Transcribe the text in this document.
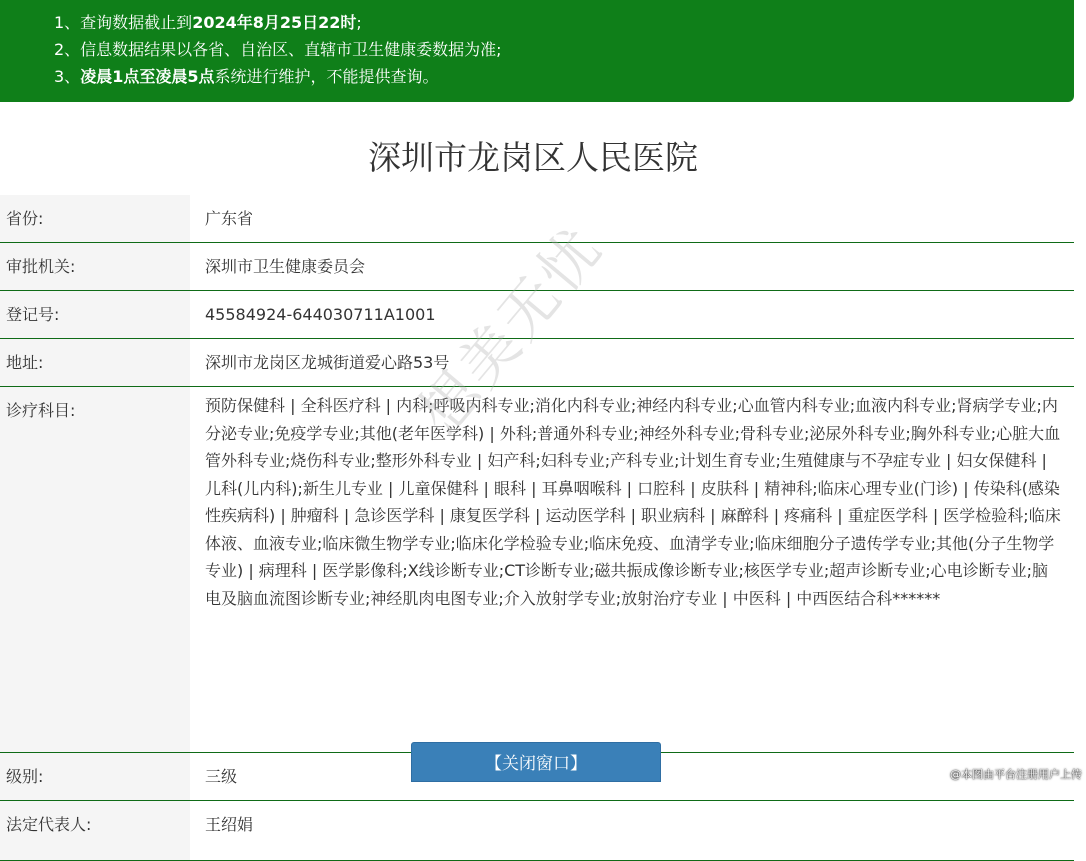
1、查询数据截止到2024年8月25日22时;
2、信息数据结果以各省、自治区、直辖市卫生健康委数据为准;
3、凌晨1点至凌晨5点系统进行维护，不能提供查询。
深圳市龙岗区人民医院
省份:	广东省
审批机关:	深圳市卫生健康委员会
登记号:	45584924-644030711A1001
地址:	深圳市龙岗区龙城街道爱心路53号
诊疗科目:	预防保健科 | 全科医疗科 | 内科;呼吸内科专业;消化内科专业;神经内科专业;心血管内科专业;血液内科专业;肾病学专业;内分泌专业;免疫学专业;其他(老年医学科) | 外科;普通外科专业;神经外科专业;骨科专业;泌尿外科专业;胸外科专业;心脏大血管外科专业;烧伤科专业;整形外科专业 | 妇产科;妇科专业;产科专业;计划生育专业;生殖健康与不孕症专业 | 妇女保健科 | 儿科(儿内科);新生儿专业 | 儿童保健科 | 眼科 | 耳鼻咽喉科 | 口腔科 | 皮肤科 | 精神科;临床心理专业(门诊) | 传染科(感染性疾病科) | 肿瘤科 | 急诊医学科 | 康复医学科 | 运动医学科 | 职业病科 | 麻醉科 | 疼痛科 | 重症医学科 | 医学检验科;临床体液、血液专业;临床微生物学专业;临床化学检验专业;临床免疫、血清学专业;临床细胞分子遗传学专业;其他(分子生物学专业) | 病理科 | 医学影像科;X线诊断专业;CT诊断专业;磁共振成像诊断专业;核医学专业;超声诊断专业;心电诊断专业;脑电及脑血流图诊断专业;神经肌肉电图专业;介入放射学专业;放射治疗专业 | 中医科 | 中西医结合科******
级别:	三级
法定代表人:	王绍娟
【关闭窗口】
想美无忧
@本图由平台注册用户上传
